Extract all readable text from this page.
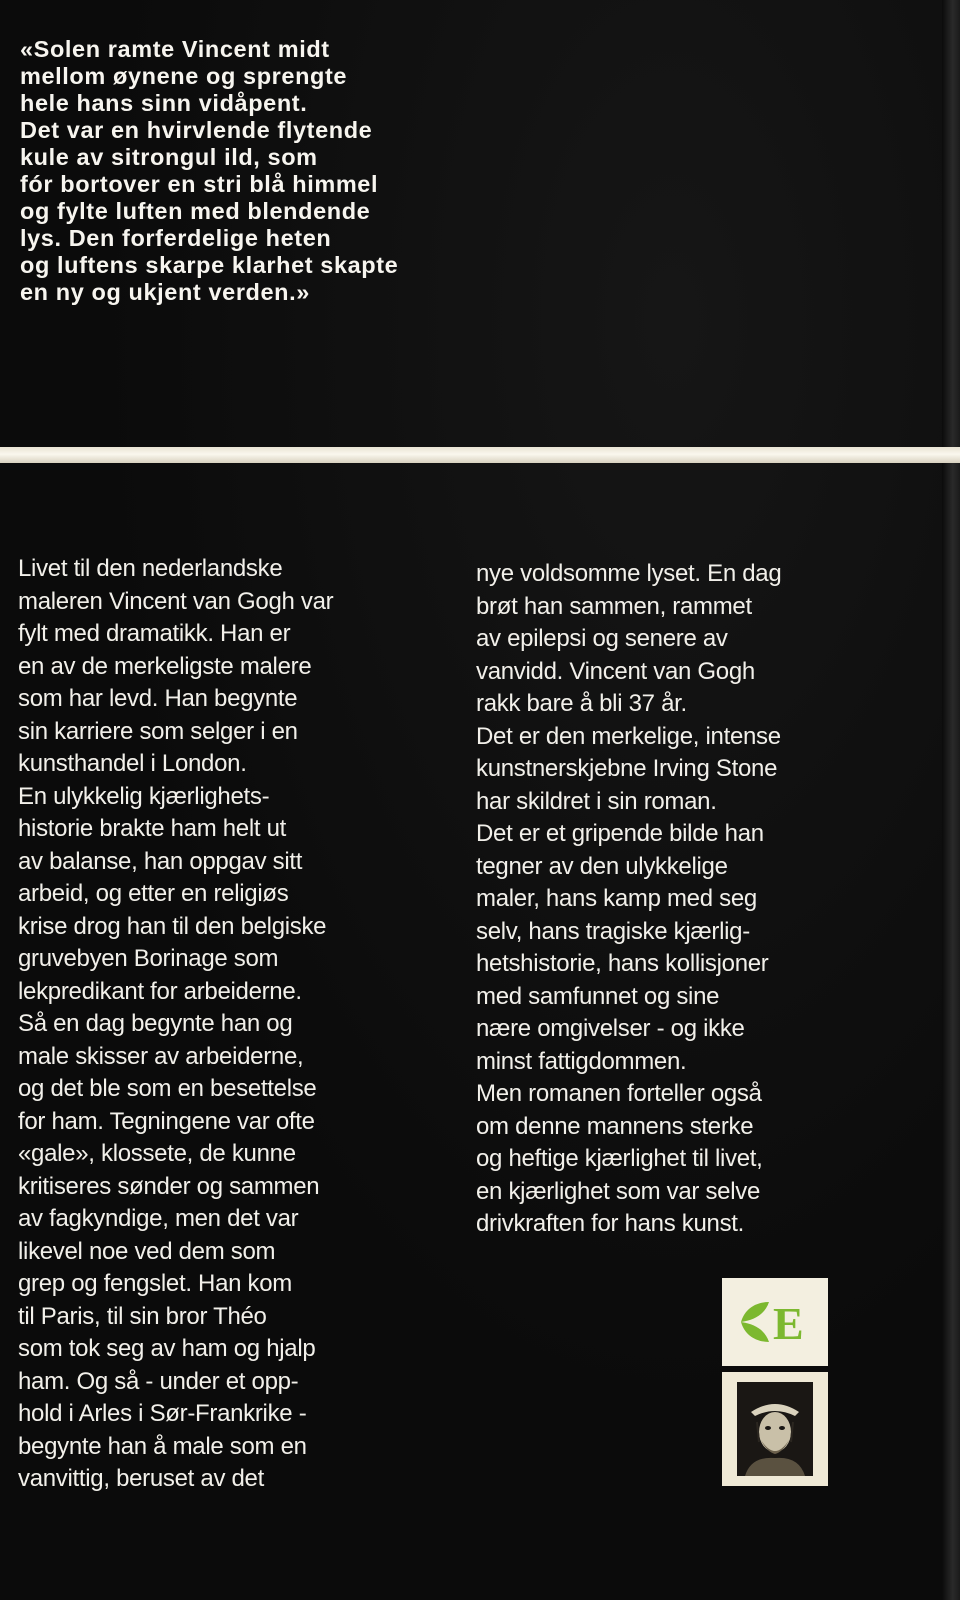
«Solen ramte Vincent midt
mellom øynene og sprengte
hele hans sinn vidåpent.
Det var en hvirvlende flytende
kule av sitrongul ild, som
fór bortover en stri blå himmel
og fylte luften med blendende
lys. Den forferdelige heten
og luftens skarpe klarhet skapte
en ny og ukjent verden.»

Livet til den nederlandske
maleren Vincent van Gogh var
fylt med dramatikk. Han er
en av de merkeligste malere
som har levd. Han begynte
sin karriere som selger i en
kunsthandel i London.
En ulykkelig kjærlighets-
historie brakte ham helt ut
av balanse, han oppgav sitt
arbeid, og etter en religiøs
krise drog han til den belgiske
gruvebyen Borinage som
lekpredikant for arbeiderne.
Så en dag begynte han og
male skisser av arbeiderne,
og det ble som en besettelse
for ham. Tegningene var ofte
«gale», klossete, de kunne
kritiseres sønder og sammen
av fagkyndige, men det var
likevel noe ved dem som
grep og fengslet. Han kom
til Paris, til sin bror Théo
som tok seg av ham og hjalp
ham. Og så - under et opp-
hold i Arles i Sør-Frankrike -
begynte han å male som en
vanvittig, beruset av det

nye voldsomme lyset. En dag
brøt han sammen, rammet
av epilepsi og senere av
vanvidd. Vincent van Gogh
rakk bare å bli 37 år.
Det er den merkelige, intense
kunstnerskjebne Irving Stone
har skildret i sin roman.
Det er et gripende bilde han
tegner av den ulykkelige
maler, hans kamp med seg
selv, hans tragiske kjærlig-
hetshistorie, hans kollisjoner
med samfunnet og sine
nære omgivelser - og ikke
minst fattigdommen.
Men romanen forteller også
om denne mannens sterke
og heftige kjærlighet til livet,
en kjærlighet som var selve
drivkraften for hans kunst.

E
